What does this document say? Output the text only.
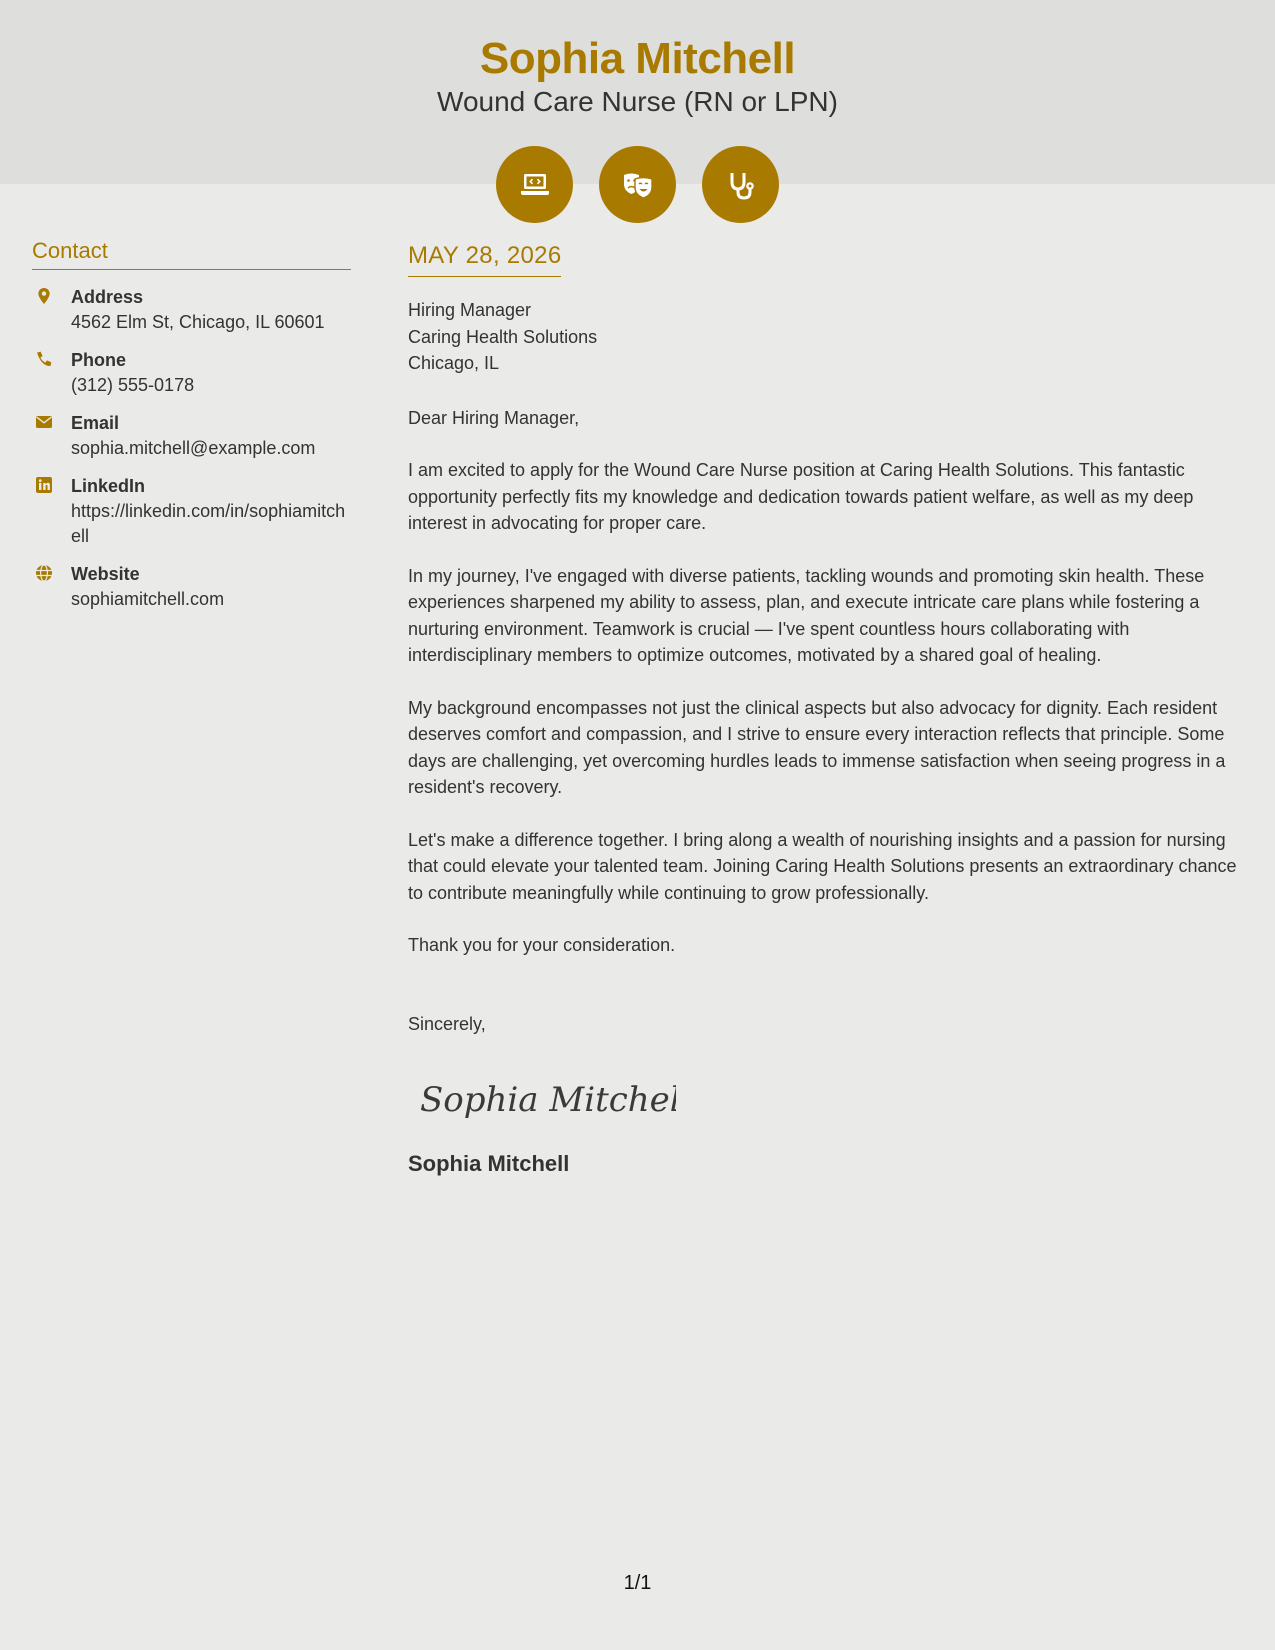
Sophia Mitchell
Wound Care Nurse (RN or LPN)
Contact
Address
4562 Elm St, Chicago, IL 60601
Phone
(312) 555-0178
Email
sophia.mitchell@example.com
LinkedIn
https://linkedin.com/in/sophiamitchell
Website
sophiamitchell.com
MAY 28, 2026
Hiring Manager
Caring Health Solutions
Chicago, IL
Dear Hiring Manager,
I am excited to apply for the Wound Care Nurse position at Caring Health Solutions. This fantastic opportunity perfectly fits my knowledge and dedication towards patient welfare, as well as my deep interest in advocating for proper care.
In my journey, I've engaged with diverse patients, tackling wounds and promoting skin health. These experiences sharpened my ability to assess, plan, and execute intricate care plans while fostering a nurturing environment. Teamwork is crucial — I've spent countless hours collaborating with interdisciplinary members to optimize outcomes, motivated by a shared goal of healing.
My background encompasses not just the clinical aspects but also advocacy for dignity. Each resident deserves comfort and compassion, and I strive to ensure every interaction reflects that principle. Some days are challenging, yet overcoming hurdles leads to immense satisfaction when seeing progress in a resident's recovery.
Let's make a difference together. I bring along a wealth of nourishing insights and a passion for nursing that could elevate your talented team. Joining Caring Health Solutions presents an extraordinary chance to contribute meaningfully while continuing to grow professionally.
Thank you for your consideration.
Sincerely,
Sophia Mitchell
Sophia Mitchell
1/1
